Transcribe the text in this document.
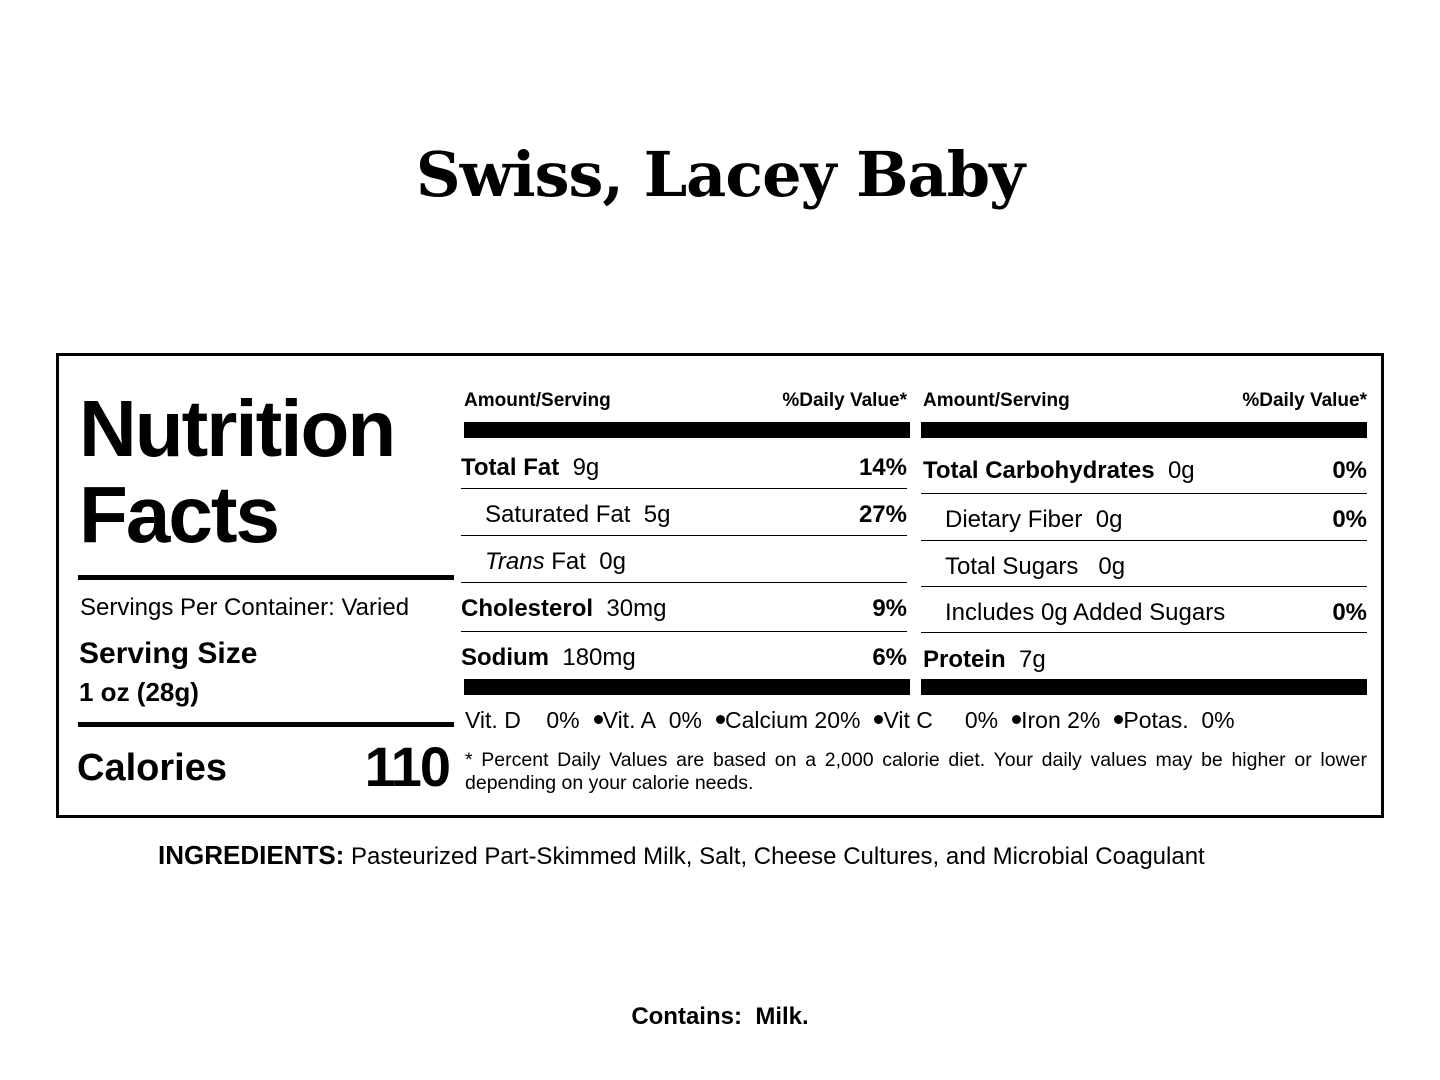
Swiss, Lacey Baby
Nutrition
Facts
Servings Per Container: Varied
Serving Size
1 oz (28g)
Calories 110
Amount/Serving	%Daily Value*
Total Fat 9g	14%
Saturated Fat 5g	27%
Trans Fat 0g
Cholesterol 30mg	9%
Sodium 180mg	6%
Amount/Serving	%Daily Value*
Total Carbohydrates 0g	0%
Dietary Fiber 0g	0%
Total Sugars 0g
Includes 0g Added Sugars	0%
Protein 7g
Vit. D 0% Vit. A 0% Calcium 20% Vit C 0% Iron 2% Potas. 0%
* Percent Daily Values are based on a 2,000 calorie diet. Your daily values may be higher or lower depending on your calorie needs.
INGREDIENTS: Pasteurized Part-Skimmed Milk, Salt, Cheese Cultures, and Microbial Coagulant
Contains: Milk.
